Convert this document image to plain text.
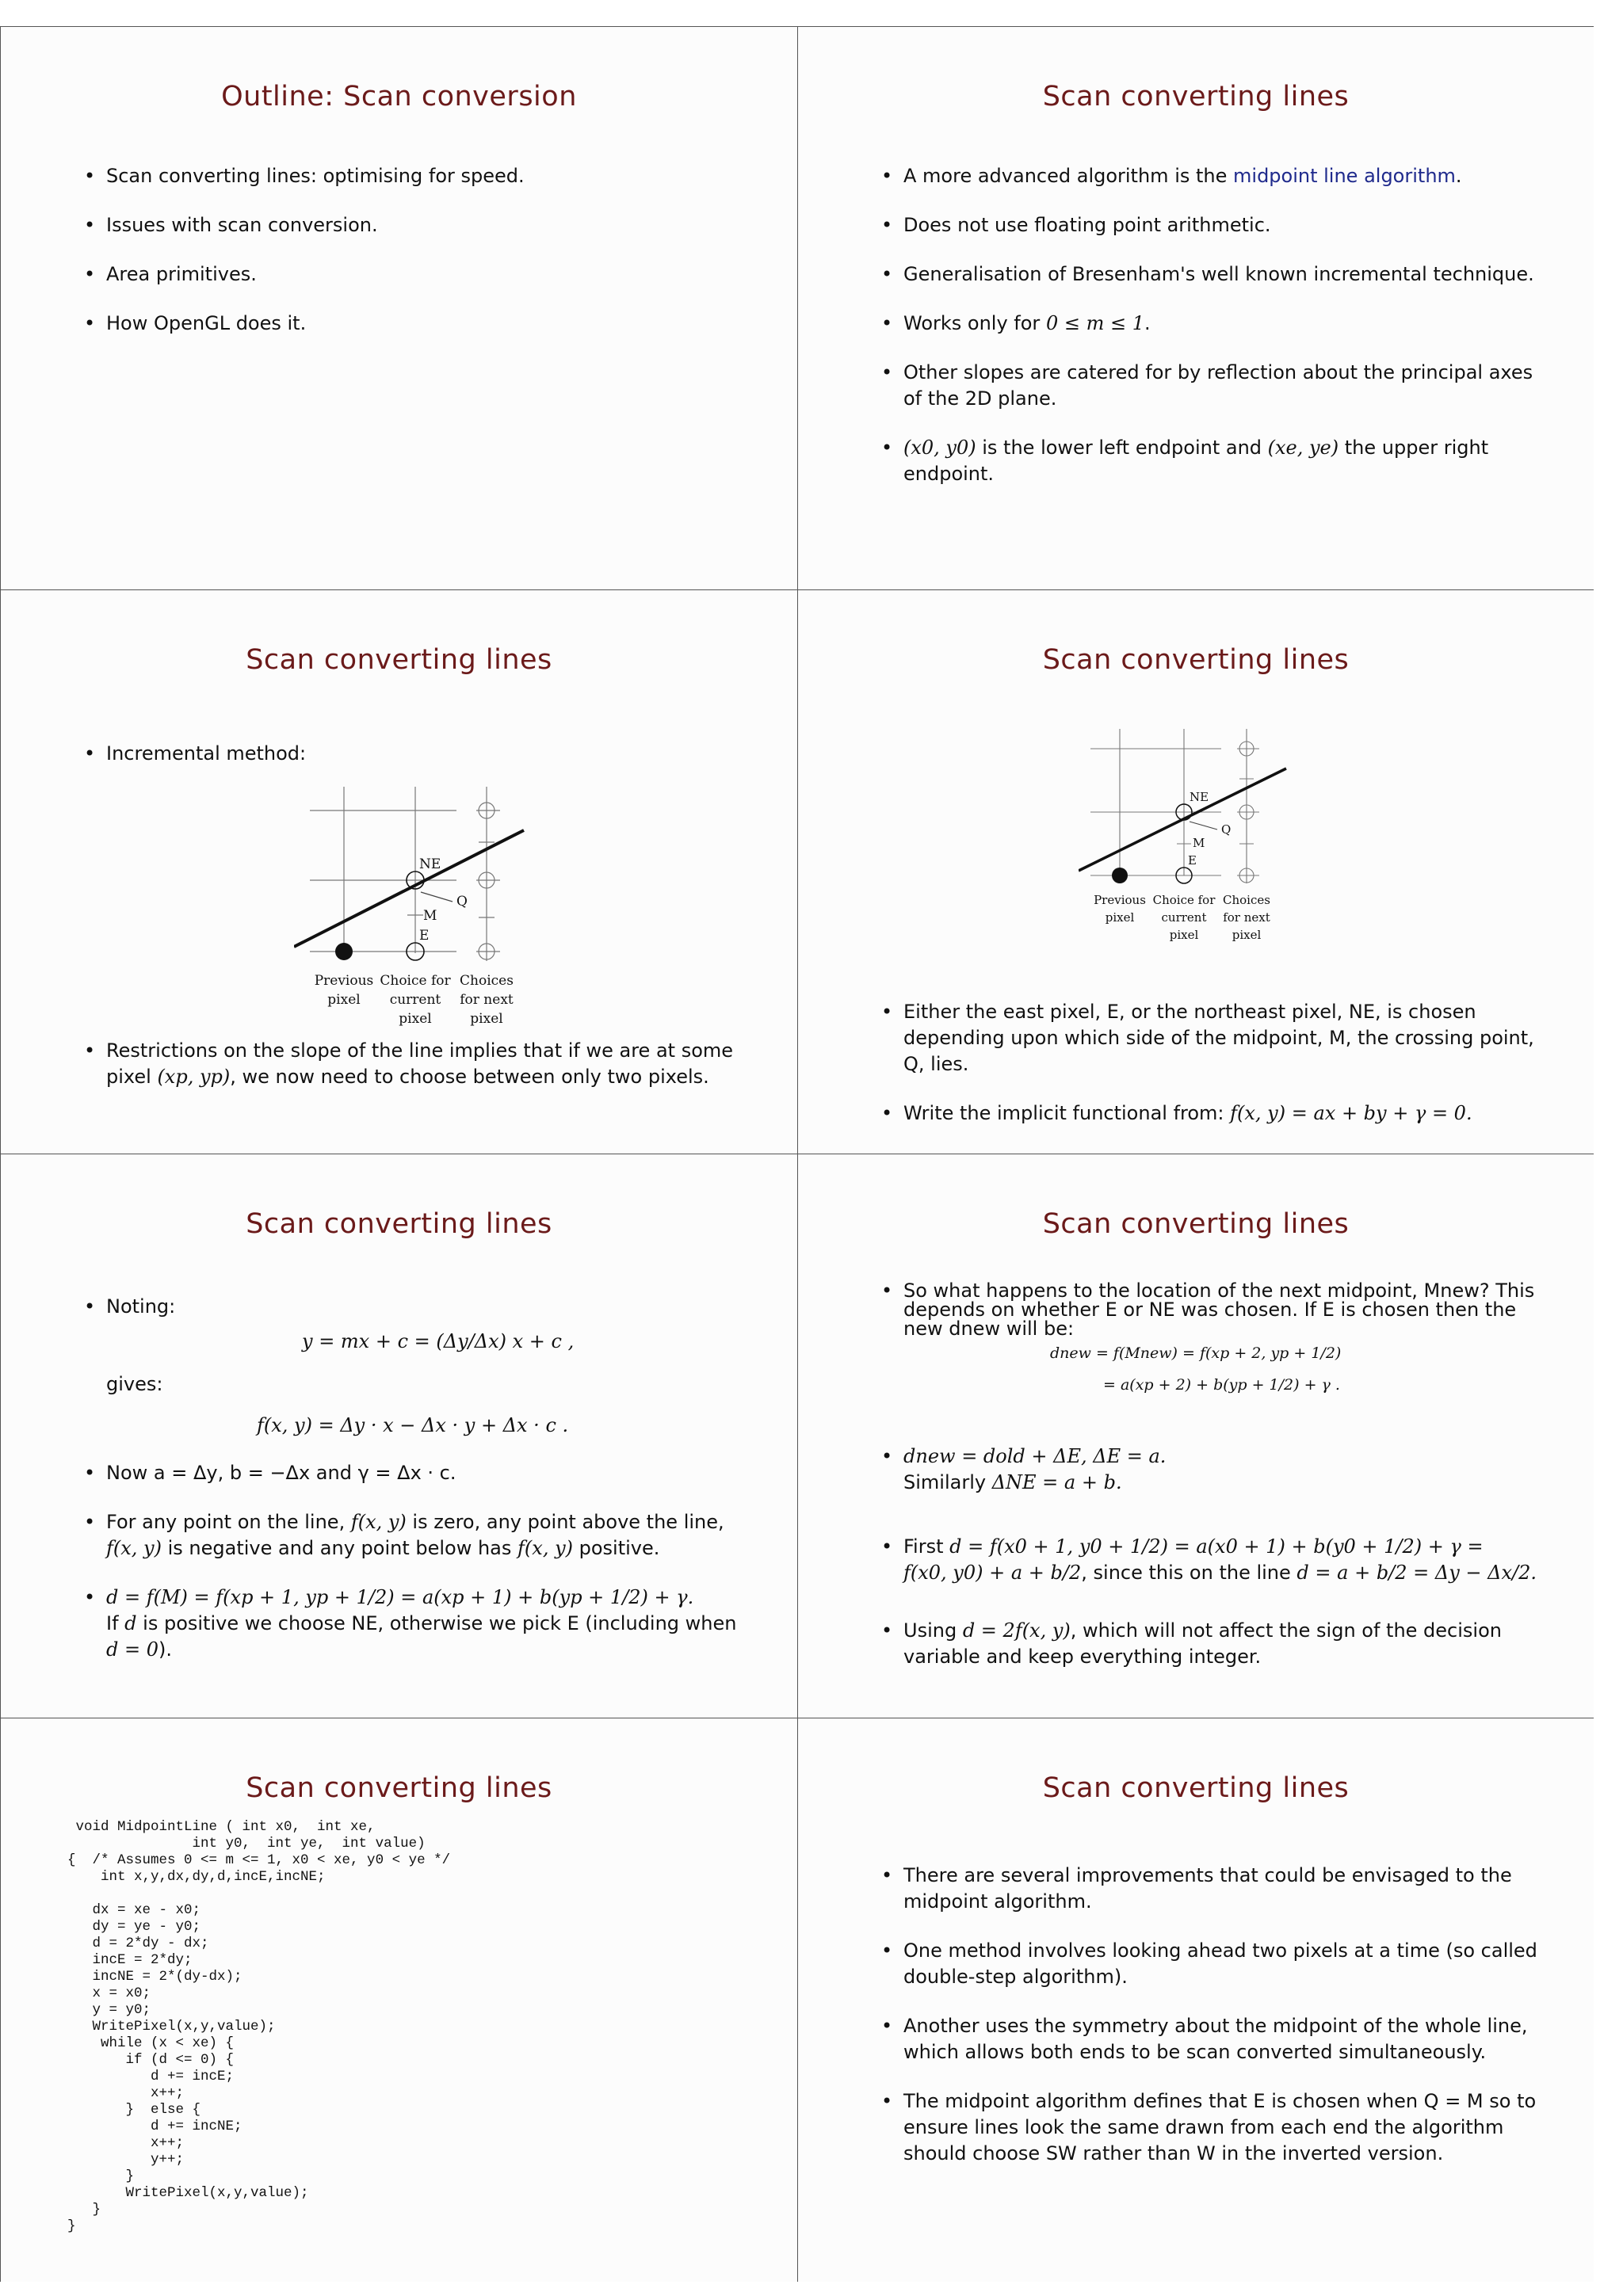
Outline: Scan conversion
• Scan converting lines: optimising for speed.
• Issues with scan conversion.
• Area primitives.
• How OpenGL does it.
Scan converting lines
• A more advanced algorithm is the midpoint line algorithm.
• Does not use floating point arithmetic.
• Generalisation of Bresenham's well known incremental technique.
• Works only for 0 ≤ m ≤ 1.
• Other slopes are catered for by reflection about the principal axes of the 2D plane.
• (x0, y0) is the lower left endpoint and (xe, ye) the upper right endpoint.
Scan converting lines
• Incremental method:
NE
Q
M
E
Previous
pixel
Choice for
current
pixel
Choices
for next
pixel
• Restrictions on the slope of the line implies that if we are at some pixel (xp, yp), we now need to choose between only two pixels.
Scan converting lines
NE
Q
M
E
Previous
pixel
Choice for
current
pixel
Choices
for next
pixel
• Either the east pixel, E, or the northeast pixel, NE, is chosen depending upon which side of the midpoint, M, the crossing point, Q, lies.
• Write the implicit functional from: f(x, y) = ax + by + γ = 0.
Scan converting lines
• Noting:
y = mx + c = (Δy/Δx) x + c ,
gives:
f(x, y) = Δy · x − Δx · y + Δx · c .
• Now a = Δy, b = −Δx and γ = Δx · c.
• For any point on the line, f(x, y) is zero, any point above the line, f(x, y) is negative and any point below has f(x, y) positive.
• d = f(M) = f(xp + 1, yp + 1/2) = a(xp + 1) + b(yp + 1/2) + γ.
If d is positive we choose NE, otherwise we pick E (including when d = 0).
Scan converting lines
• So what happens to the location of the next midpoint, Mnew? This depends on whether E or NE was chosen. If E is chosen then the new dnew will be:
dnew = f(Mnew) = f(xp + 2, yp + 1/2)
= a(xp + 2) + b(yp + 1/2) + γ .
• dnew = dold + ΔE, ΔE = a.
Similarly ΔNE = a + b.
• First d = f(x0 + 1, y0 + 1/2) = a(x0 + 1) + b(y0 + 1/2) + γ =
f(x0, y0) + a + b/2, since this on the line d = a + b/2 = Δy − Δx/2.
• Using d = 2f(x, y), which will not affect the sign of the decision variable and keep everything integer.
Scan converting lines
void MidpointLine ( int x0,  int xe,
int y0,  int ye,  int value)
{  /* Assumes 0 <= m <= 1, x0 < xe, y0 < ye */
int x,y,dx,dy,d,incE,incNE;

dx = xe - x0;
dy = ye - y0;
d = 2*dy - dx;
incE = 2*dy;
incNE = 2*(dy-dx);
x = x0;
y = y0;
WritePixel(x,y,value);
while (x < xe) {
if (d <= 0) {
d += incE;
x++;
}  else {
d += incNE;
x++;
y++;
}
WritePixel(x,y,value);
}
}
Scan converting lines
• There are several improvements that could be envisaged to the midpoint algorithm.
• One method involves looking ahead two pixels at a time (so called double-step algorithm).
• Another uses the symmetry about the midpoint of the whole line, which allows both ends to be scan converted simultaneously.
• The midpoint algorithm defines that E is chosen when Q = M so to ensure lines look the same drawn from each end the algorithm should choose SW rather than W in the inverted version.
